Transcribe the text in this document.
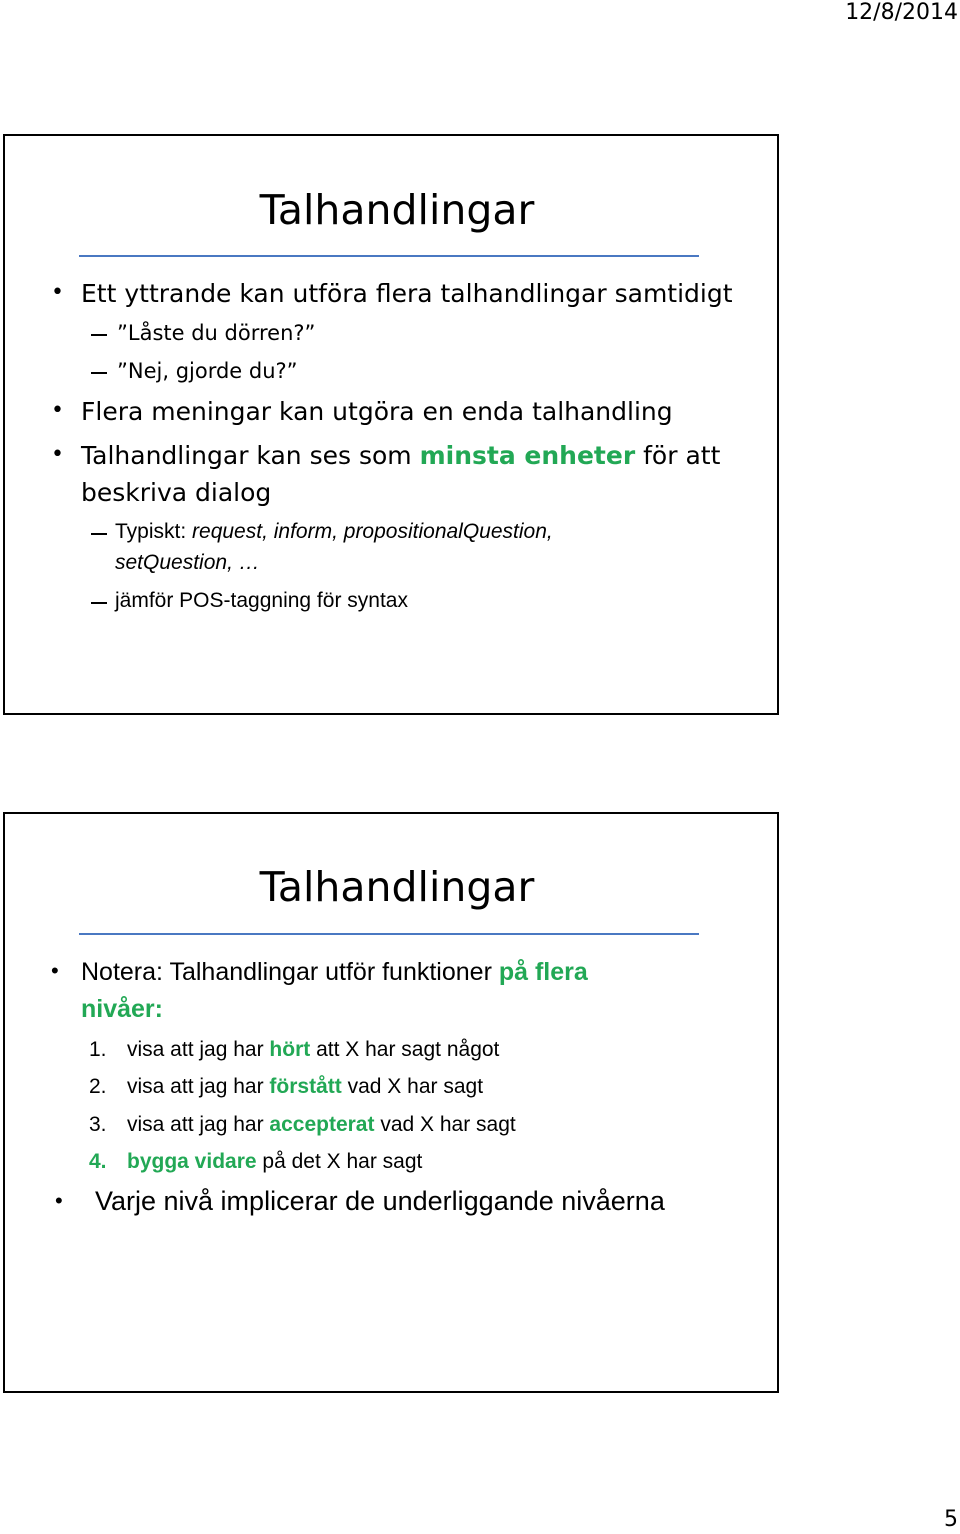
12/8/2014
Talhandlingar
• Ett yttrande kan utföra flera talhandlingar samtidigt
”Låste du dörren?”
”Nej, gjorde du?”
• Flera meningar kan utgöra en enda talhandling
• Talhandlingar kan ses som minsta enheter för att
beskriva dialog
Typiskt: request, inform, propositionalQuestion,
setQuestion, …
jämför POS-taggning för syntax
Talhandlingar
• Notera: Talhandlingar utför funktioner på flera
nivåer:
1. visa att jag har hört att X har sagt något
2. visa att jag har förstått vad X har sagt
3. visa att jag har accepterat vad X har sagt
4. bygga vidare på det X har sagt
• Varje nivå implicerar de underliggande nivåerna
5
